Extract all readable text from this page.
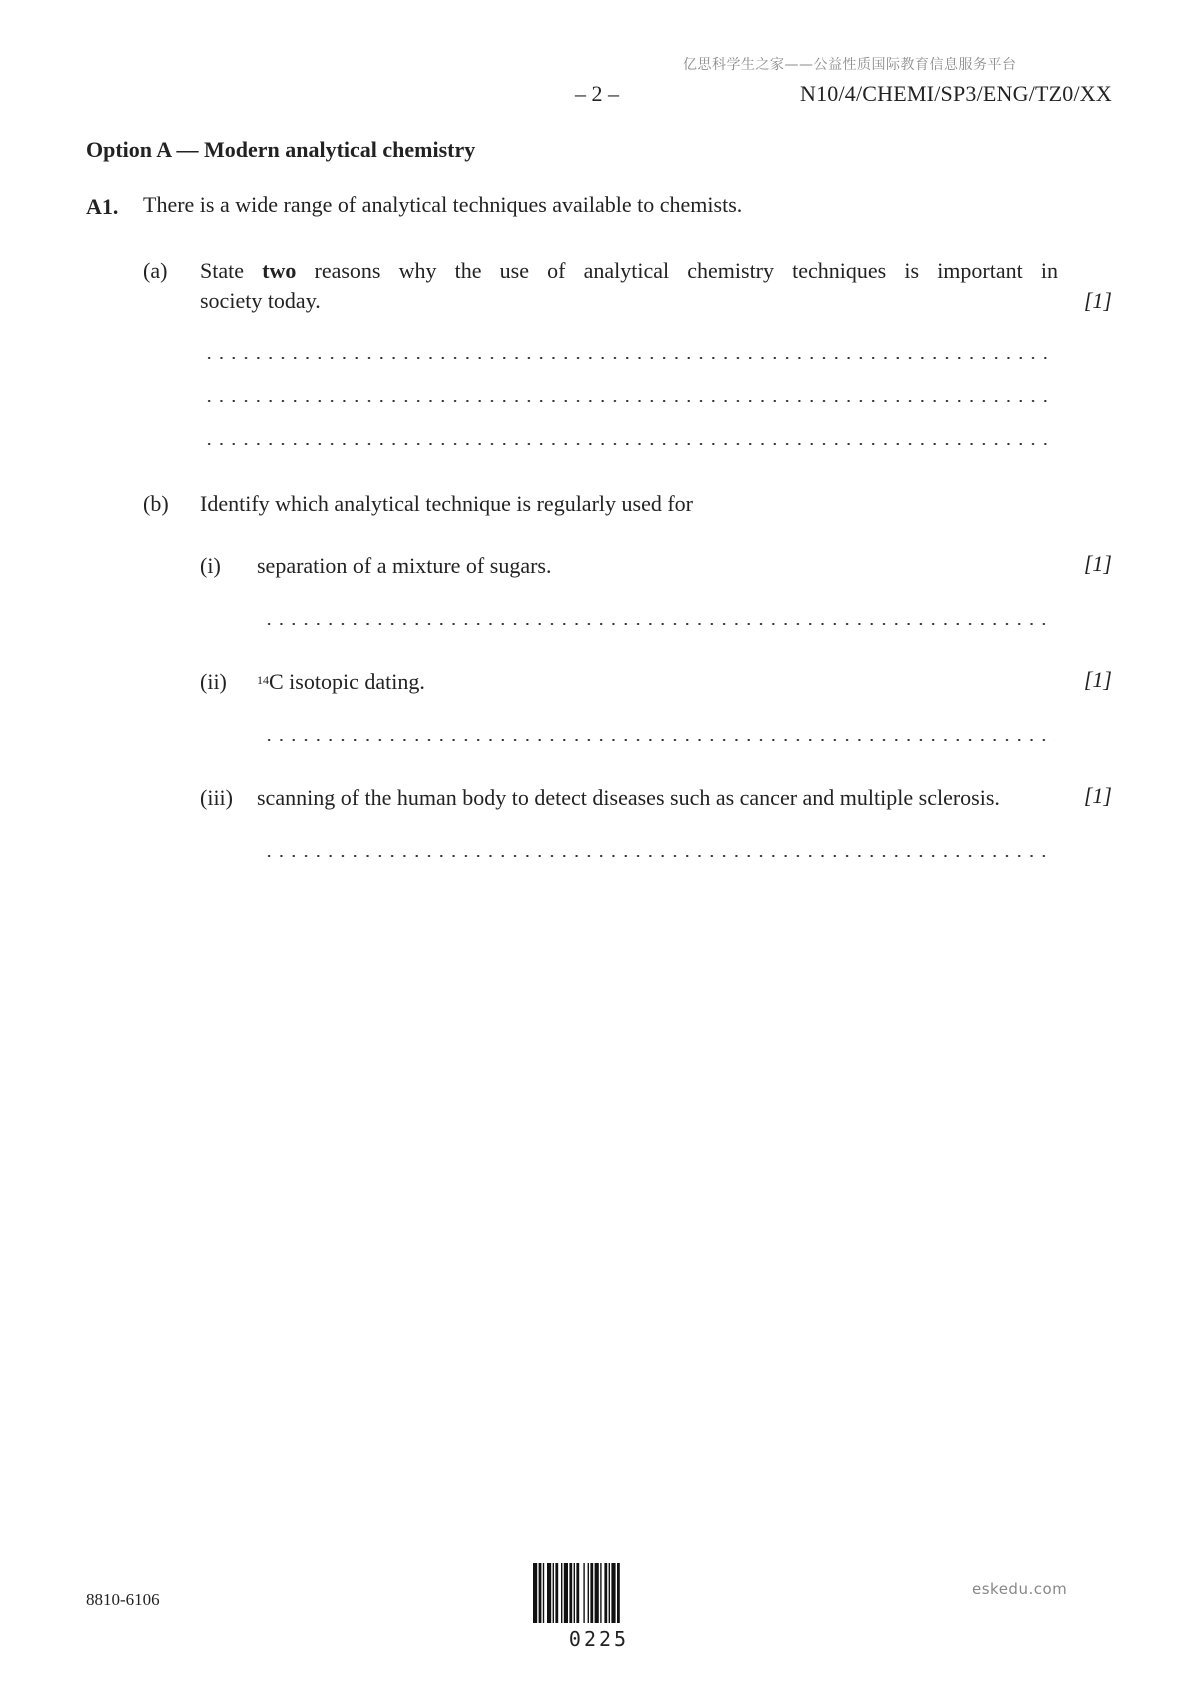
亿思科学生之家——公益性质国际教育信息服务平台
– 2 –	N10/4/CHEMI/SP3/ENG/TZ0/XX
Option A — Modern analytical chemistry
A1. There is a wide range of analytical techniques available to chemists.
(a) State two reasons why the use of analytical chemistry techniques is important in
society today.	[1]
(b) Identify which analytical technique is regularly used for
(i) separation of a mixture of sugars.	[1]
(ii)	$^{14}$C isotopic dating.	[1]
(iii) scanning of the human body to detect diseases such as cancer and multiple sclerosis.	[1]
8810-6106
0225
eskedu.com
